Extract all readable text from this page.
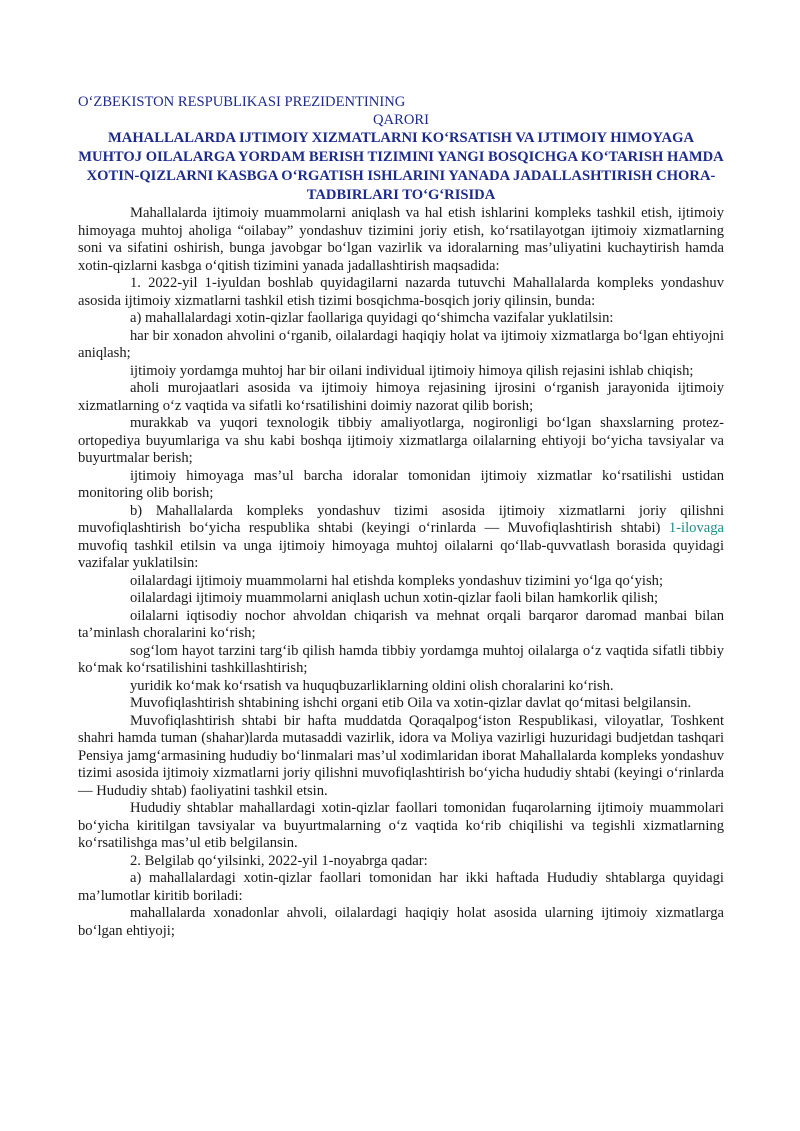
O‘ZBEKISTON RESPUBLIKASI PREZIDENTINING
QARORI
MAHALLALARDA IJTIMOIY XIZMATLARNI KO‘RSATISH VA IJTIMOIY HIMOYAGA MUHTOJ OILALARGA YORDAM BERISH TIZIMINI YANGI BOSQICHGA KO‘TARISH HAMDA XOTIN-QIZLARNI KASBGA O‘RGATISH ISHLARINI YANADA JADALLASHTIRISH CHORA-TADBIRLARI TO‘G‘RISIDA

Mahallalarda ijtimoiy muammolarni aniqlash va hal etish ishlarini kompleks tashkil etish, ijtimoiy himoyaga muhtoj aholiga “oilabay” yondashuv tizimini joriy etish, ko‘rsatilayotgan ijtimoiy xizmatlarning soni va sifatini oshirish, bunga javobgar bo‘lgan vazirlik va idoralarning mas’uliyatini kuchaytirish hamda xotin-qizlarni kasbga o‘qitish tizimini yanada jadallashtirish maqsadida:

1. 2022-yil 1-iyuldan boshlab quyidagilarni nazarda tutuvchi Mahallalarda kompleks yondashuv asosida ijtimoiy xizmatlarni tashkil etish tizimi bosqichma-bosqich joriy qilinsin, bunda:

a) mahallalardagi xotin-qizlar faollariga quyidagi qo‘shimcha vazifalar yuklatilsin:

har bir xonadon ahvolini o‘rganib, oilalardagi haqiqiy holat va ijtimoiy xizmatlarga bo‘lgan ehtiyojni aniqlash;

ijtimoiy yordamga muhtoj har bir oilani individual ijtimoiy himoya qilish rejasini ishlab chiqish;

aholi murojaatlari asosida va ijtimoiy himoya rejasining ijrosini o‘rganish jarayonida ijtimoiy xizmatlarning o‘z vaqtida va sifatli ko‘rsatilishini doimiy nazorat qilib borish;

murakkab va yuqori texnologik tibbiy amaliyotlarga, nogironligi bo‘lgan shaxslarning protez-ortopediya buyumlariga va shu kabi boshqa ijtimoiy xizmatlarga oilalarning ehtiyoji bo‘yicha tavsiyalar va buyurtmalar berish;

ijtimoiy himoyaga mas’ul barcha idoralar tomonidan ijtimoiy xizmatlar ko‘rsatilishi ustidan monitoring olib borish;

b) Mahallalarda kompleks yondashuv tizimi asosida ijtimoiy xizmatlarni joriy qilishni muvofiqlashtirish bo‘yicha respublika shtabi (keyingi o‘rinlarda — Muvofiqlashtirish shtabi) 1-ilovaga muvofiq tashkil etilsin va unga ijtimoiy himoyaga muhtoj oilalarni qo‘llab-quvvatlash borasida quyidagi vazifalar yuklatilsin:

oilalardagi ijtimoiy muammolarni hal etishda kompleks yondashuv tizimini yo‘lga qo‘yish;

oilalardagi ijtimoiy muammolarni aniqlash uchun xotin-qizlar faoli bilan hamkorlik qilish;

oilalarni iqtisodiy nochor ahvoldan chiqarish va mehnat orqali barqaror daromad manbai bilan ta’minlash choralarini ko‘rish;

sog‘lom hayot tarzini targ‘ib qilish hamda tibbiy yordamga muhtoj oilalarga o‘z vaqtida sifatli tibbiy ko‘mak ko‘rsatilishini tashkillashtirish;

yuridik ko‘mak ko‘rsatish va huquqbuzarliklarning oldini olish choralarini ko‘rish.

Muvofiqlashtirish shtabining ishchi organi etib Oila va xotin-qizlar davlat qo‘mitasi belgilansin.

Muvofiqlashtirish shtabi bir hafta muddatda Qoraqalpog‘iston Respublikasi, viloyatlar, Toshkent shahri hamda tuman (shahar)larda mutasaddi vazirlik, idora va Moliya vazirligi huzuridagi budjetdan tashqari Pensiya jamg‘armasining hududiy bo‘linmalari mas’ul xodimlaridan iborat Mahallalarda kompleks yondashuv tizimi asosida ijtimoiy xizmatlarni joriy qilishni muvofiqlashtirish bo‘yicha hududiy shtabi (keyingi o‘rinlarda — Hududiy shtab) faoliyatini tashkil etsin.

Hududiy shtablar mahallardagi xotin-qizlar faollari tomonidan fuqarolarning ijtimoiy muammolari bo‘yicha kiritilgan tavsiyalar va buyurtmalarning o‘z vaqtida ko‘rib chiqilishi va tegishli xizmatlarning ko‘rsatilishga mas’ul etib belgilansin.

2. Belgilab qo‘yilsinki, 2022-yil 1-noyabrga qadar:

a) mahallalardagi xotin-qizlar faollari tomonidan har ikki haftada Hududiy shtablarga quyidagi ma’lumotlar kiritib boriladi:

mahallalarda xonadonlar ahvoli, oilalardagi haqiqiy holat asosida ularning ijtimoiy xizmatlarga bo‘lgan ehtiyoji;
